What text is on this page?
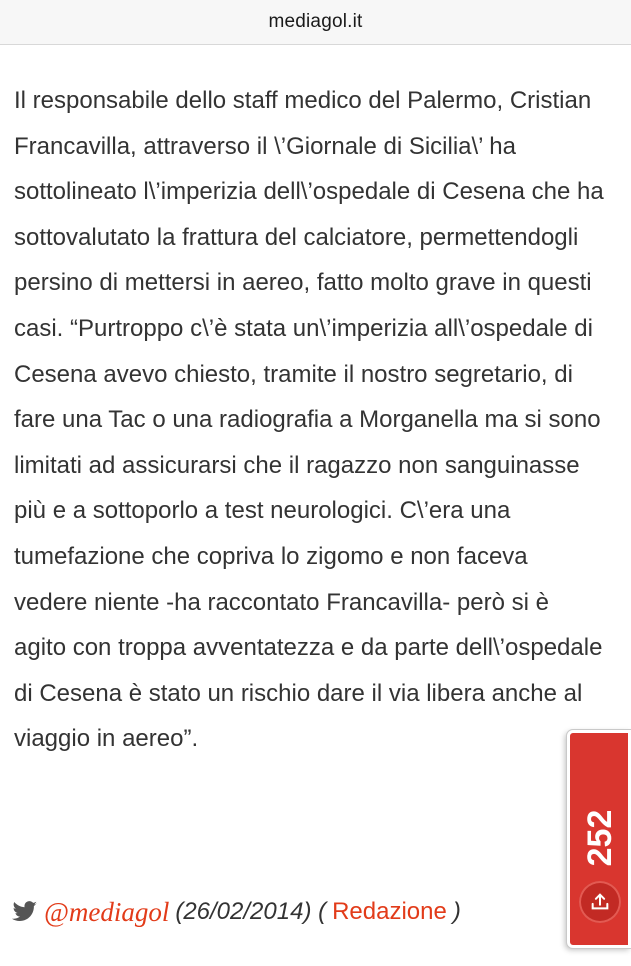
mediagol.it

Il responsabile dello staff medico del Palermo, Cristian Francavilla, attraverso il \’Giornale di Sicilia\’ ha sottolineato l\’imperizia dell\’ospedale di Cesena che ha sottovalutato la frattura del calciatore, permettendogli persino di mettersi in aereo, fatto molto grave in questi casi. “Purtroppo c\’è stata un\’imperizia all\’ospedale di Cesena avevo chiesto, tramite il nostro segretario, di fare una Tac o una radiografia a Morganella ma si sono limitati ad assicurarsi che il ragazzo non sanguinasse più e a sottoporlo a test neurologici. C\’era una tumefazione che copriva lo zigomo e non faceva vedere niente -ha raccontato Francavilla- però si è agito con troppa avventatezza e da parte dell\’ospedale di Cesena è stato un rischio dare il via libera anche al viaggio in aereo”.

@mediagol (26/02/2014) ( Redazione )
252
